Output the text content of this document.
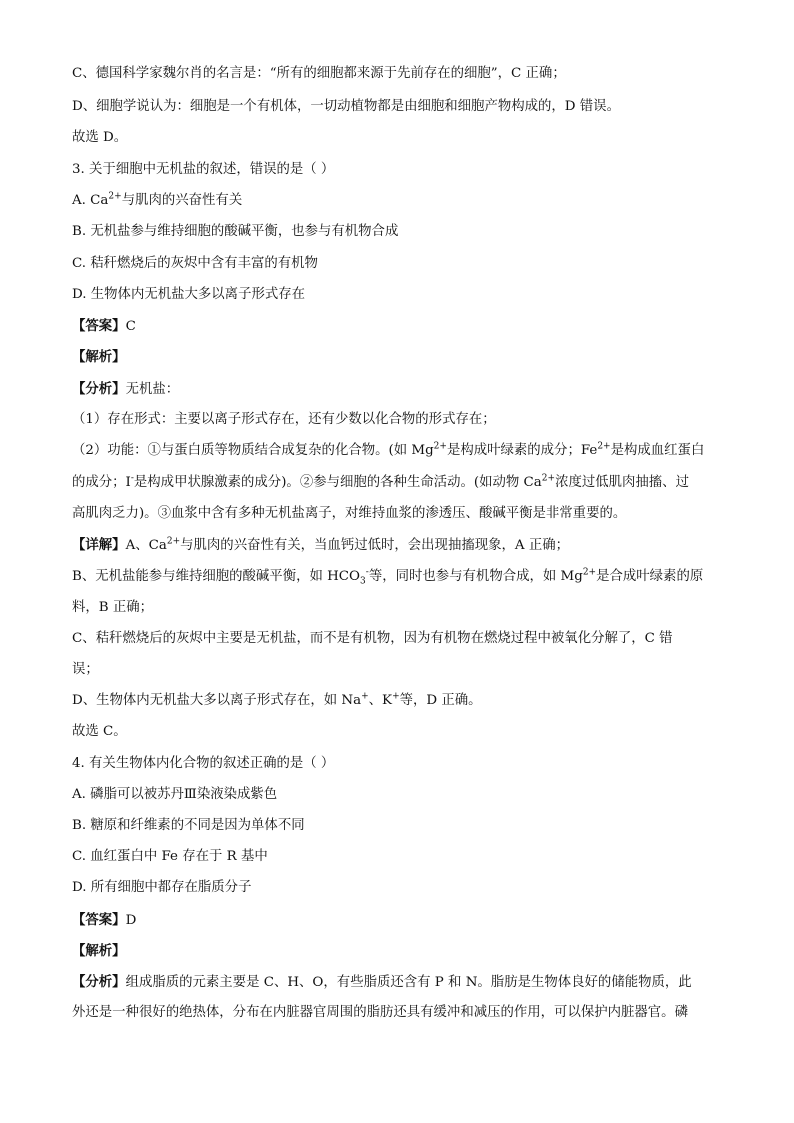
C、德国科学家魏尔肖的名言是：“所有的细胞都来源于先前存在的细胞”，C 正确；
D、细胞学说认为：细胞是一个有机体，一切动植物都是由细胞和细胞产物构成的，D 错误。
故选 D。
3. 关于细胞中无机盐的叙述，错误的是（ ）
A. $Ca^{2+}$与肌肉的兴奋性有关
B. 无机盐参与维持细胞的酸碱平衡，也参与有机物合成
C. 秸秆燃烧后的灰烬中含有丰富的有机物
D. 生物体内无机盐大多以离子形式存在
【答案】C
【解析】
【分析】无机盐：
（1）存在形式：主要以离子形式存在，还有少数以化合物的形式存在；
（2）功能：①与蛋白质等物质结合成复杂的化合物。(如 $Mg^{2+}$是构成叶绿素的成分；$Fe^{2+}$是构成血红蛋白
的成分；I-是构成甲状腺激素的成分)。②参与细胞的各种生命活动。(如动物 $Ca^{2+}$浓度过低肌肉抽搐、过
高肌肉乏力)。③血浆中含有多种无机盐离子，对维持血浆的渗透压、酸碱平衡是非常重要的。
【详解】A、$Ca^{2+}$与肌肉的兴奋性有关，当血钙过低时，会出现抽搐现象，A 正确；
B、无机盐能参与维持细胞的酸碱平衡，如 $HCO_3^-$等，同时也参与有机物合成，如 $Mg^{2+}$是合成叶绿素的原
料，B 正确；
C、秸秆燃烧后的灰烬中主要是无机盐，而不是有机物，因为有机物在燃烧过程中被氧化分解了，C 错
误；
D、生物体内无机盐大多以离子形式存在，如 Na+、K+等，D 正确。
故选 C。
4. 有关生物体内化合物的叙述正确的是（ ）
A. 磷脂可以被苏丹Ⅲ染液染成紫色
B. 糖原和纤维素的不同是因为单体不同
C. 血红蛋白中 Fe 存在于 R 基中
D. 所有细胞中都存在脂质分子
【答案】D
【解析】
【分析】组成脂质的元素主要是 C、H、O，有些脂质还含有 P 和 N。脂肪是生物体良好的储能物质，此
外还是一种很好的绝热体，分布在内脏器官周围的脂肪还具有缓冲和减压的作用，可以保护内脏器官。磷
